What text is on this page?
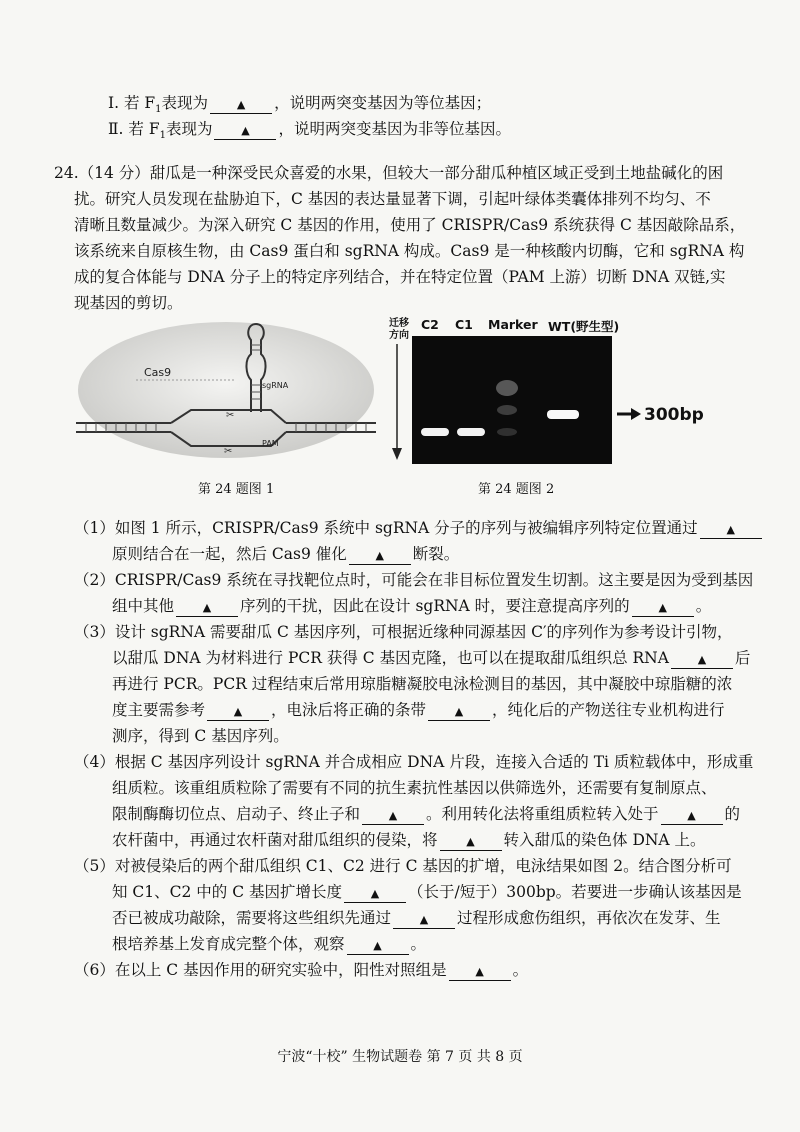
I. 若 $F_1$表现为	▲ ，说明两突变基因为等位基因；
Ⅱ. 若 $F_1$表现为	▲ ，说明两突变基因为非等位基因。
24.（14 分）甜瓜是一种深受民众喜爱的水果，但较大一部分甜瓜种植区域正受到土地盐碱化的困
扰。研究人员发现在盐胁迫下，C 基因的表达量显著下调，引起叶绿体类囊体排列不均匀、不
清晰且数量减少。为深入研究 C 基因的作用，使用了 CRISPR/Cas9 系统获得 C 基因敲除品系，
该系统来自原核生物，由 Cas9 蛋白和 sgRNA 构成。Cas9 是一种核酸内切酶，它和 sgRNA 构
成的复合体能与 DNA 分子上的特定序列结合，并在特定位置（PAM 上游）切断 DNA 双链,实
现基因的剪切。
✂
✂
Cas9
sgRNA
PAM
第 24 题图 1
迁移
方向
C2 C1 Marker WT(野生型)
300bp
第 24 题图 2
（1）如图 1 所示，CRISPR/Cas9 系统中 sgRNA 分子的序列与被编辑序列特定位置通过	▲
原则结合在一起，然后 Cas9 催化	▲ 断裂。
（2）CRISPR/Cas9 系统在寻找靶位点时，可能会在非目标位置发生切割。这主要是因为受到基因
组中其他	▲ 序列的干扰，因此在设计 sgRNA 时，要注意提高序列的	▲ 。
（3）设计 sgRNA 需要甜瓜 C 基因序列，可根据近缘种同源基因 C′的序列作为参考设计引物，
以甜瓜 DNA 为材料进行 PCR 获得 C 基因克隆，也可以在提取甜瓜组织总 RNA	▲ 后
再进行 PCR。PCR 过程结束后常用琼脂糖凝胶电泳检测目的基因，其中凝胶中琼脂糖的浓
度主要需参考	▲ ，电泳后将正确的条带	▲ ，纯化后的产物送往专业机构进行
测序，得到 C 基因序列。
（4）根据 C 基因序列设计 sgRNA 并合成相应 DNA 片段，连接入合适的 Ti 质粒载体中，形成重
组质粒。该重组质粒除了需要有不同的抗生素抗性基因以供筛选外，还需要有复制原点、
限制酶酶切位点、启动子、终止子和	▲ 。利用转化法将重组质粒转入处于	▲ 的
农杆菌中，再通过农杆菌对甜瓜组织的侵染，将	▲ 转入甜瓜的染色体 DNA 上。
（5）对被侵染后的两个甜瓜组织 C1、C2 进行 C 基因的扩增，电泳结果如图 2。结合图分析可
知 C1、C2 中的 C 基因扩增长度	▲ （长于/短于）300bp。若要进一步确认该基因是
否已被成功敲除，需要将这些组织先通过	▲ 过程形成愈伤组织，再依次在发芽、生
根培养基上发育成完整个体，观察	▲ 。
（6）在以上 C 基因作用的研究实验中，阳性对照组是	▲ 。
宁波“十校” 生物试题卷 第 7 页 共 8 页
